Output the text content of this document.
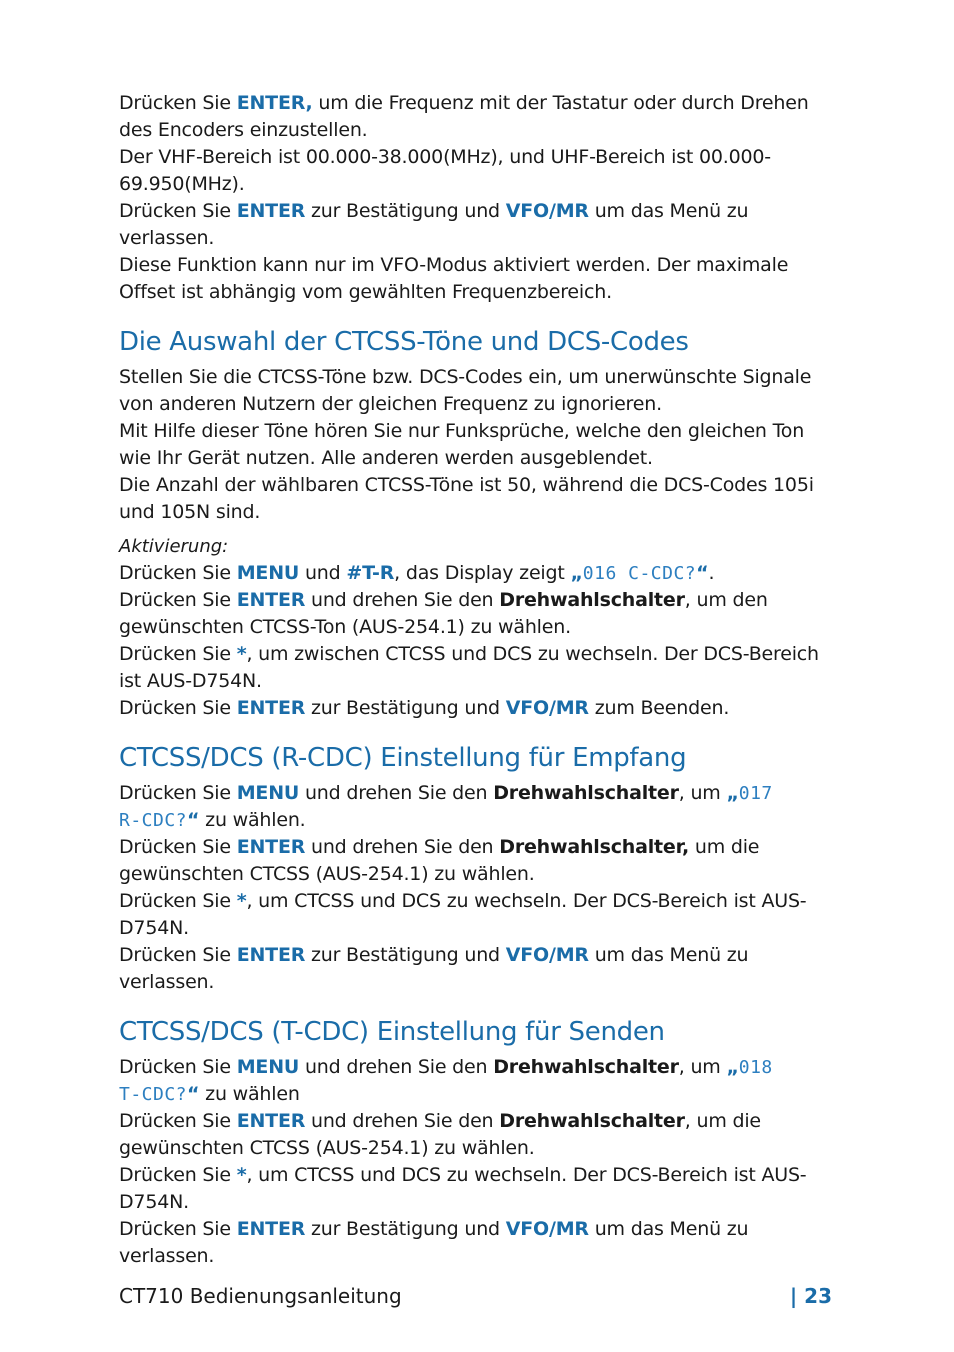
Drücken Sie ENTER, um die Frequenz mit der Tastatur oder durch Drehen des Encoders einzustellen.

Der VHF-Bereich ist 00.000-38.000(MHz), und UHF-Bereich ist 00.000-69.950(MHz).

Drücken Sie ENTER zur Bestätigung und VFO/MR um das Menü zu verlassen.

Diese Funktion kann nur im VFO-Modus aktiviert werden. Der maximale Offset ist abhängig vom gewählten Frequenzbereich.

Die Auswahl der CTCSS-Töne und DCS-Codes

Stellen Sie die CTCSS-Töne bzw. DCS-Codes ein, um unerwünschte Signale von anderen Nutzern der gleichen Frequenz zu ignorieren.

Mit Hilfe dieser Töne hören Sie nur Funksprüche, welche den gleichen Ton wie Ihr Gerät nutzen. Alle anderen werden ausgeblendet.

Die Anzahl der wählbaren CTCSS-Töne ist 50, während die DCS-Codes 105i und 105N sind.

Aktivierung:

Drücken Sie MENU und #T-R, das Display zeigt „016 C-CDC?“.

Drücken Sie ENTER und drehen Sie den Drehwahlschalter, um den gewünschten CTCSS-Ton (AUS-254.1) zu wählen.

Drücken Sie *, um zwischen CTCSS und DCS zu wechseln. Der DCS-Bereich ist AUS-D754N.

Drücken Sie ENTER zur Bestätigung und VFO/MR zum Beenden.

CTCSS/DCS (R-CDC) Einstellung für Empfang

Drücken Sie MENU und drehen Sie den Drehwahlschalter, um „017
R-CDC?“ zu wählen.

Drücken Sie ENTER und drehen Sie den Drehwahlschalter, um die gewünschten CTCSS (AUS-254.1) zu wählen.

Drücken Sie *, um CTCSS und DCS zu wechseln. Der DCS-Bereich ist AUS-D754N.

Drücken Sie ENTER zur Bestätigung und VFO/MR um das Menü zu verlassen.

CTCSS/DCS (T-CDC) Einstellung für Senden

Drücken Sie MENU und drehen Sie den Drehwahlschalter, um „018
T-CDC?“ zu wählen

Drücken Sie ENTER und drehen Sie den Drehwahlschalter, um die gewünschten CTCSS (AUS-254.1) zu wählen.

Drücken Sie *, um CTCSS und DCS zu wechseln. Der DCS-Bereich ist AUS-D754N.

Drücken Sie ENTER zur Bestätigung und VFO/MR um das Menü zu verlassen.

CT710 Bedienungsanleitung	| 23
